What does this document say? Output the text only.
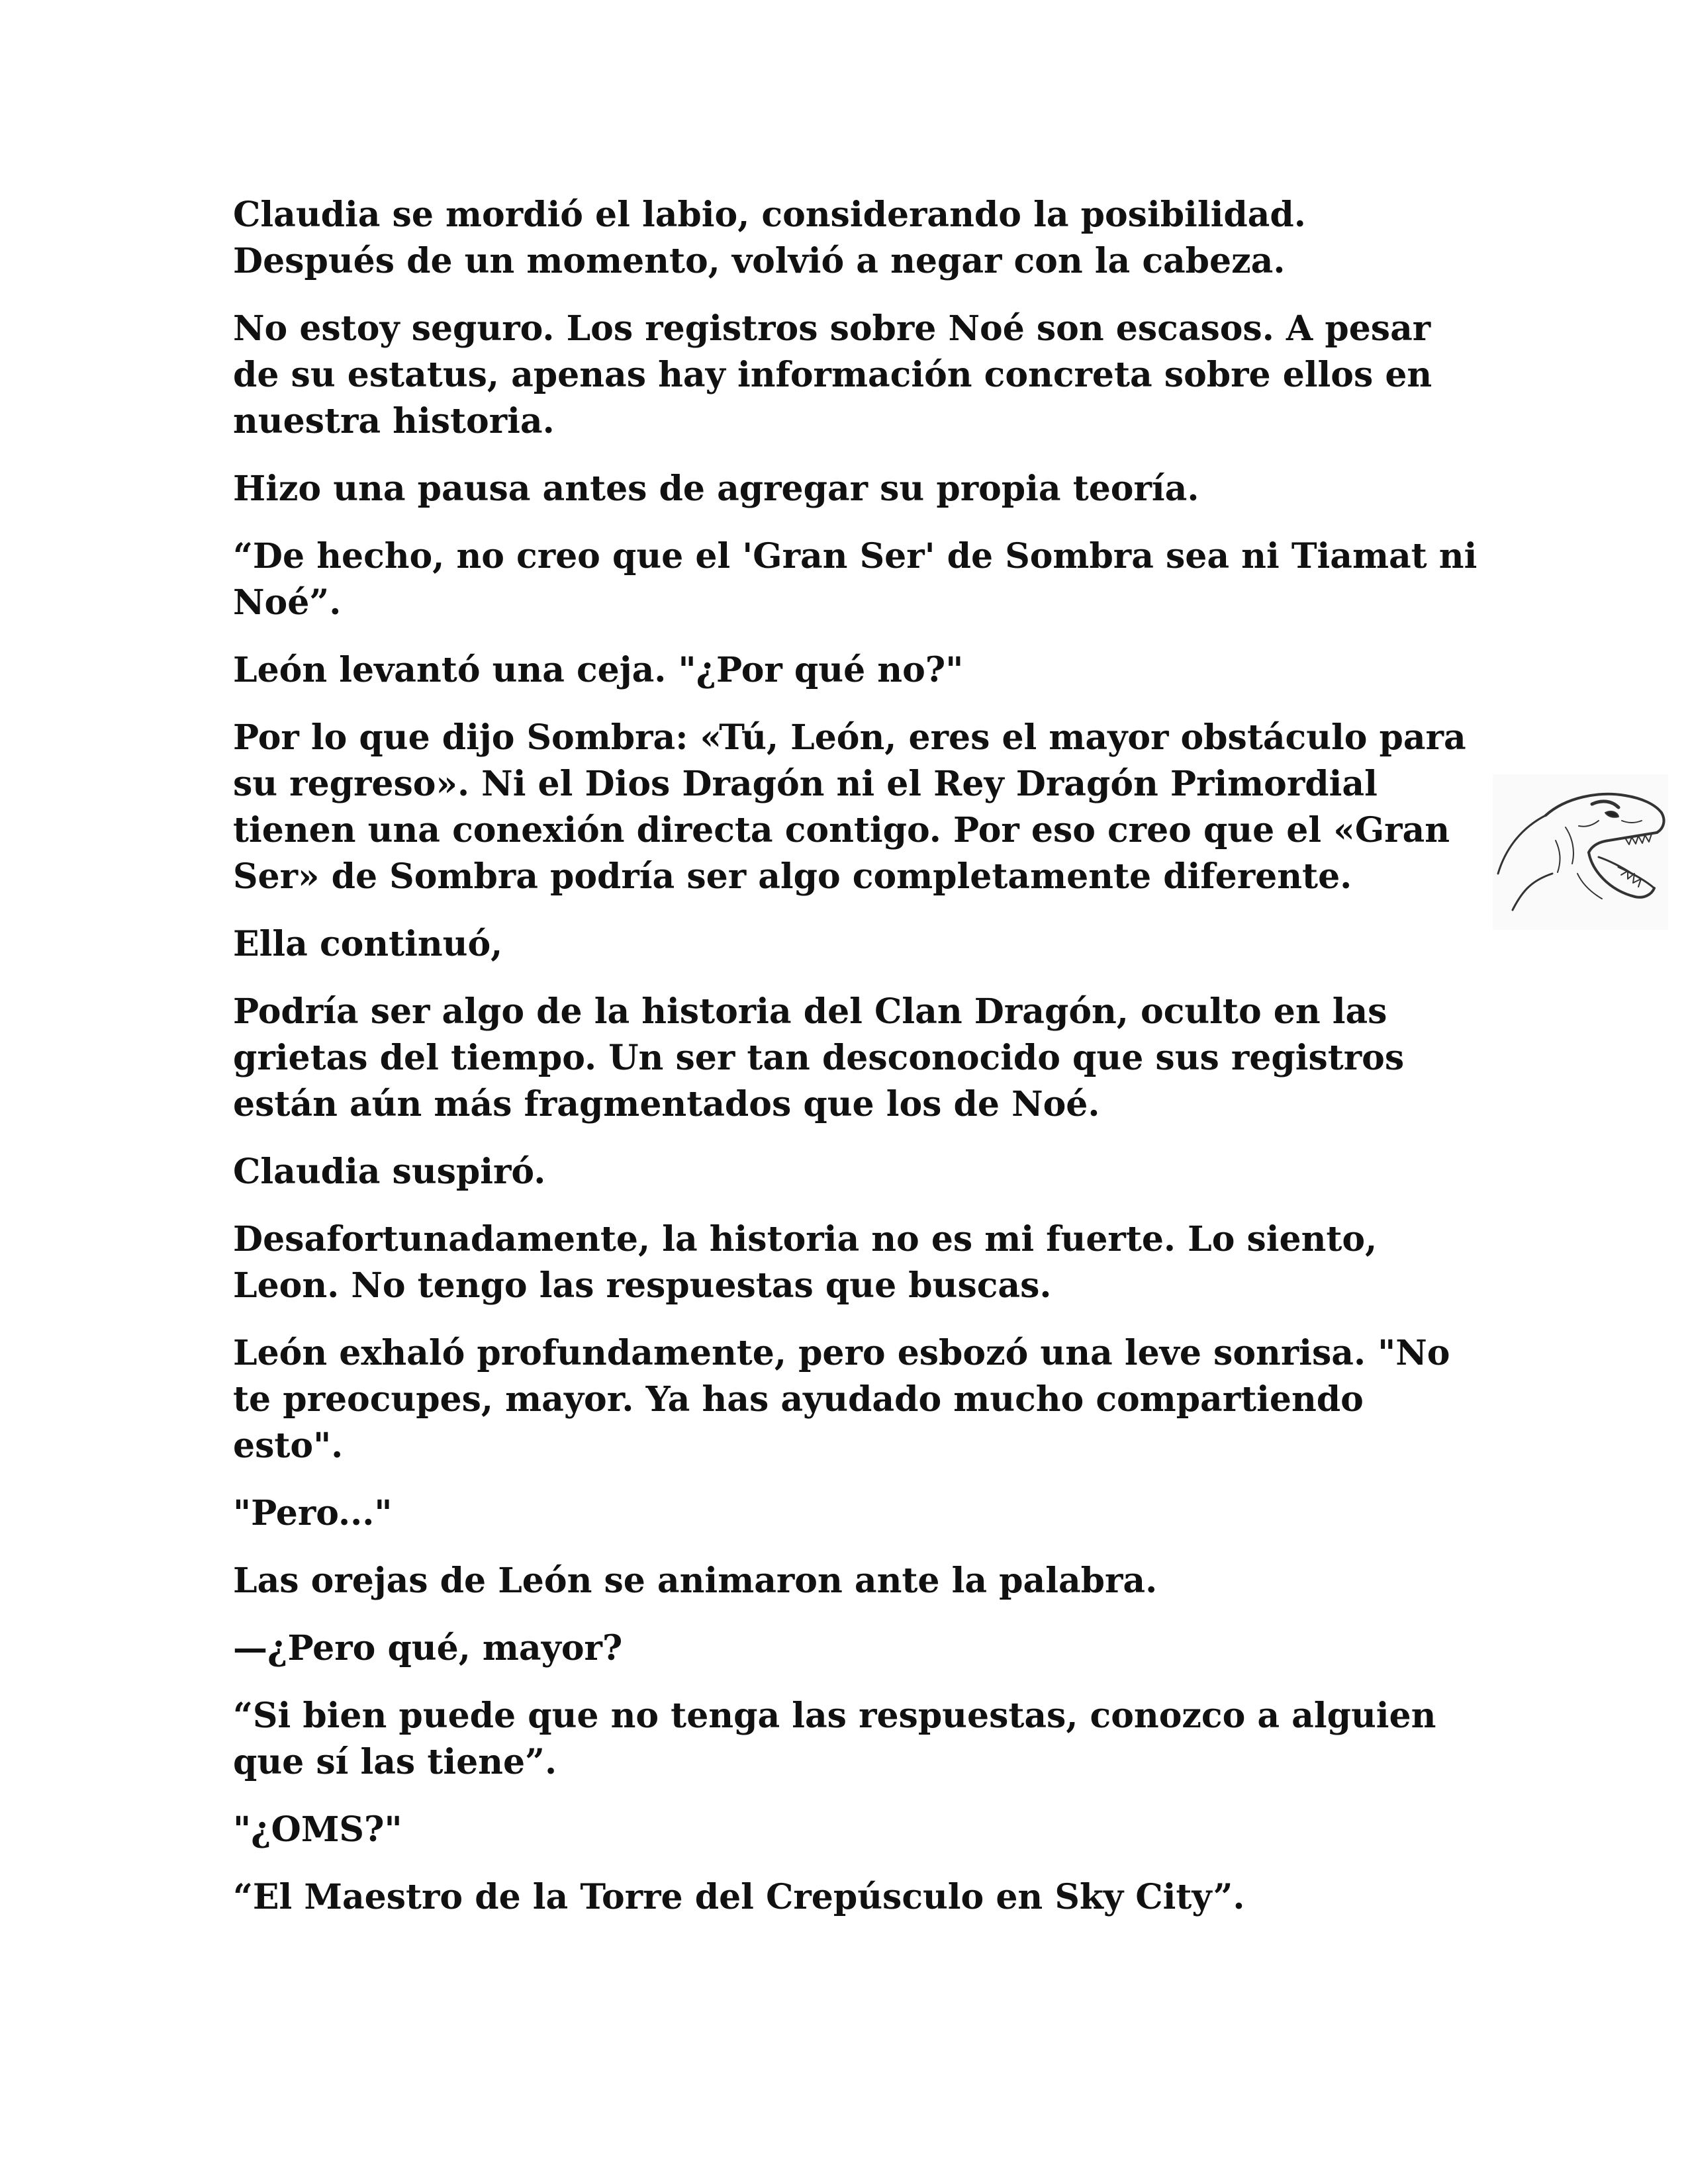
Claudia se mordió el labio, considerando la posibilidad. Después de un momento, volvió a negar con la cabeza.

No estoy seguro. Los registros sobre Noé son escasos. A pesar de su estatus, apenas hay información concreta sobre ellos en nuestra historia.

Hizo una pausa antes de agregar su propia teoría.

“De hecho, no creo que el 'Gran Ser' de Sombra sea ni Tiamat ni Noé”.

León levantó una ceja. "¿Por qué no?"

Por lo que dijo Sombra: «Tú, León, eres el mayor obstáculo para su regreso». Ni el Dios Dragón ni el Rey Dragón Primordial tienen una conexión directa contigo. Por eso creo que el «Gran Ser» de Sombra podría ser algo completamente diferente.

Ella continuó,

Podría ser algo de la historia del Clan Dragón, oculto en las grietas del tiempo. Un ser tan desconocido que sus registros están aún más fragmentados que los de Noé.

Claudia suspiró.

Desafortunadamente, la historia no es mi fuerte. Lo siento, Leon. No tengo las respuestas que buscas.

León exhaló profundamente, pero esbozó una leve sonrisa. "No te preocupes, mayor. Ya has ayudado mucho compartiendo esto".

"Pero..."

Las orejas de León se animaron ante la palabra.

—¿Pero qué, mayor?

“Si bien puede que no tenga las respuestas, conozco a alguien que sí las tiene”.

"¿OMS?"

“El Maestro de la Torre del Crepúsculo en Sky City”.
